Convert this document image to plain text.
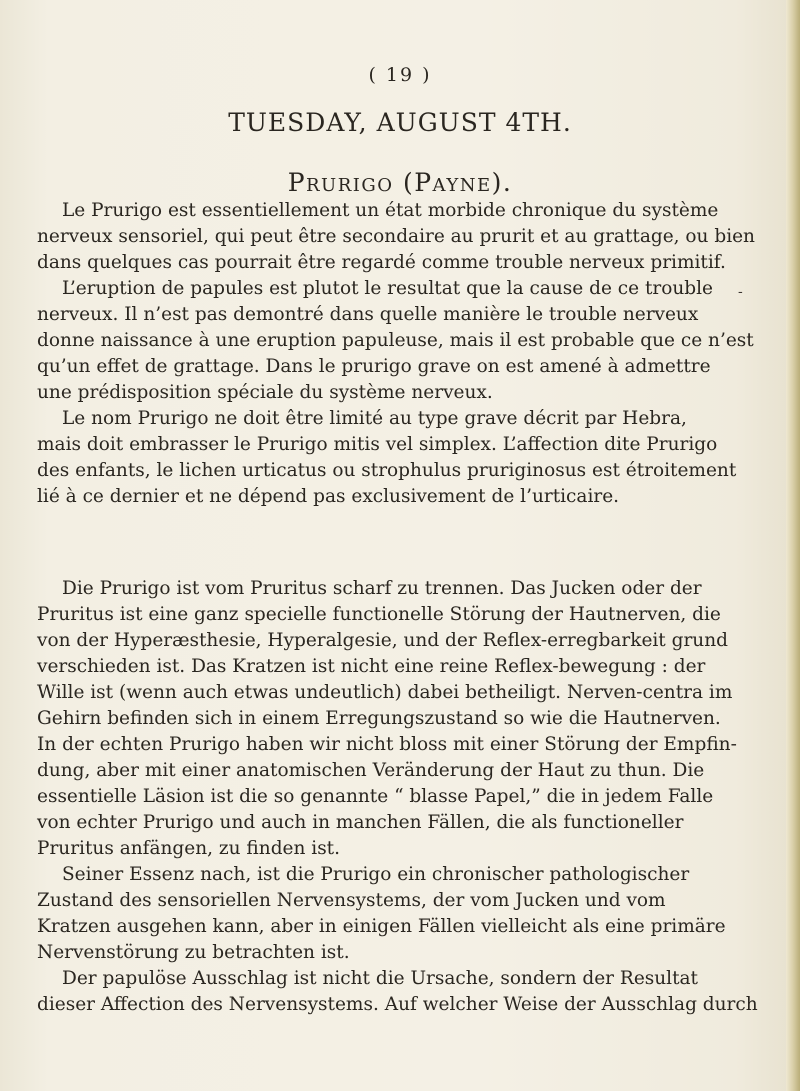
( 19 )
TUESDAY, AUGUST 4TH.
Prurigo (Payne).
-
Le Prurigo est essentiellement un état morbide chronique du système
nerveux sensoriel, qui peut être secondaire au prurit et au grattage, ou bien
dans quelques cas pourrait être regardé comme trouble nerveux primitif.
L’eruption de papules est plutot le resultat que la cause de ce trouble
nerveux. Il n’est pas demontré dans quelle manière le trouble nerveux
donne naissance à une eruption papuleuse, mais il est probable que ce n’est
qu’un effet de grattage. Dans le prurigo grave on est amené à admettre
une prédisposition spéciale du système nerveux.
Le nom Prurigo ne doit être limité au type grave décrit par Hebra,
mais doit embrasser le Prurigo mitis vel simplex. L’affection dite Prurigo
des enfants, le lichen urticatus ou strophulus pruriginosus est étroitement
lié à ce dernier et ne dépend pas exclusivement de l’urticaire.
Die Prurigo ist vom Pruritus scharf zu trennen. Das Jucken oder der
Pruritus ist eine ganz specielle functionelle Störung der Hautnerven, die
von der Hyperæsthesie, Hyperalgesie, und der Reflex-erregbarkeit grund
verschieden ist. Das Kratzen ist nicht eine reine Reflex-bewegung : der
Wille ist (wenn auch etwas undeutlich) dabei betheiligt. Nerven-centra im
Gehirn befinden sich in einem Erregungszustand so wie die Hautnerven.
In der echten Prurigo haben wir nicht bloss mit einer Störung der Empfin-
dung, aber mit einer anatomischen Veränderung der Haut zu thun. Die
essentielle Läsion ist die so genannte “ blasse Papel,” die in jedem Falle
von echter Prurigo und auch in manchen Fällen, die als functioneller
Pruritus anfängen, zu finden ist.
Seiner Essenz nach, ist die Prurigo ein chronischer pathologischer
Zustand des sensoriellen Nervensystems, der vom Jucken und vom
Kratzen ausgehen kann, aber in einigen Fällen vielleicht als eine primäre
Nervenstörung zu betrachten ist.
Der papulöse Ausschlag ist nicht die Ursache, sondern der Resultat
dieser Affection des Nervensystems. Auf welcher Weise der Ausschlag durch
